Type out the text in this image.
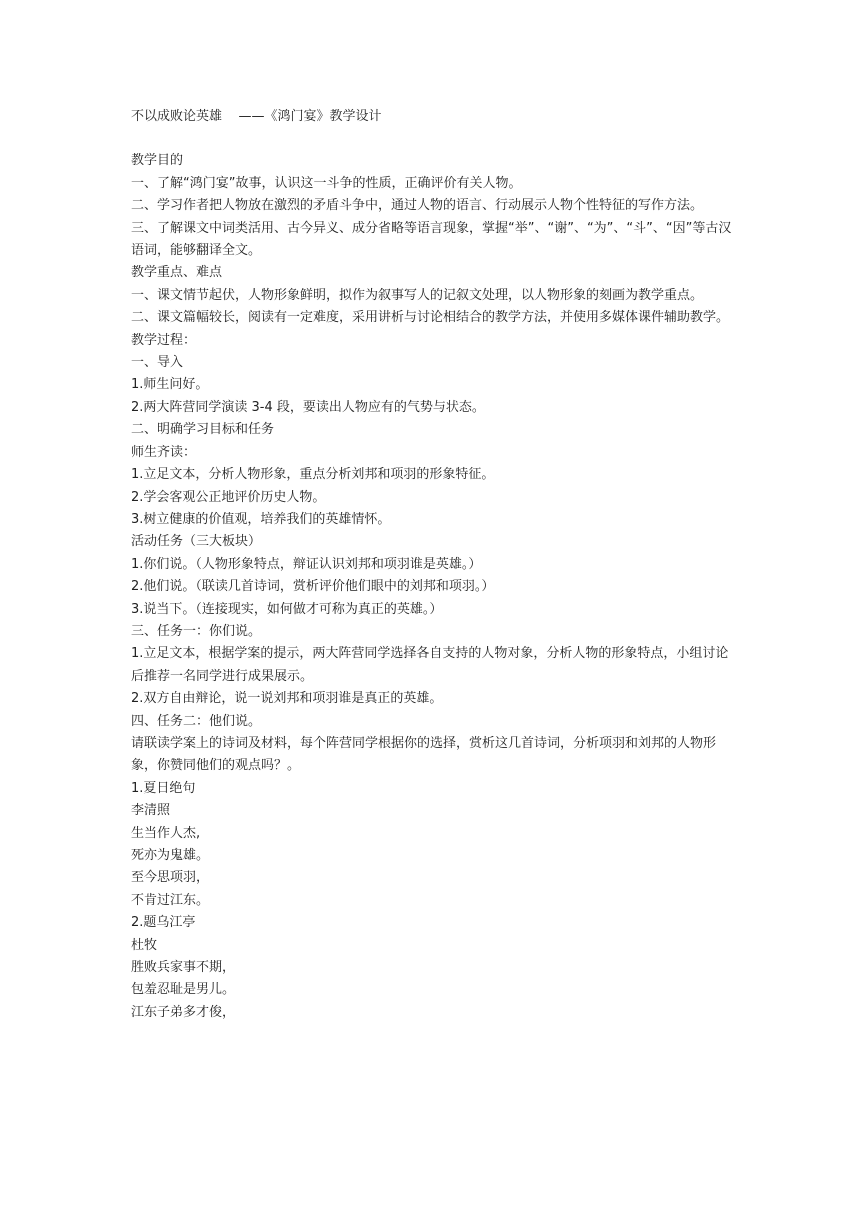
不以成败论英雄    ——《鸿门宴》教学设计

教学目的

一、了解“鸿门宴”故事，认识这一斗争的性质，正确评价有关人物。

二、学习作者把人物放在激烈的矛盾斗争中，通过人物的语言、行动展示人物个性特征的写作方法。

三、了解课文中词类活用、古今异义、成分省略等语言现象，掌握“举”、“谢”、“为”、“斗”、“因”等古汉语词，能够翻译全文。

教学重点、难点

一、课文情节起伏，人物形象鲜明，拟作为叙事写人的记叙文处理，以人物形象的刻画为教学重点。

二、课文篇幅较长，阅读有一定难度，采用讲析与讨论相结合的教学方法，并使用多媒体课件辅助教学。

教学过程：

一、导入

1.师生问好。

2.两大阵营同学演读 3-4 段，要读出人物应有的气势与状态。

二、明确学习目标和任务

师生齐读：

1.立足文本，分析人物形象，重点分析刘邦和项羽的形象特征。

2.学会客观公正地评价历史人物。

3.树立健康的价值观，培养我们的英雄情怀。

活动任务（三大板块）

1.你们说。（人物形象特点，辩证认识刘邦和项羽谁是英雄。）

2.他们说。（联读几首诗词，赏析评价他们眼中的刘邦和项羽。）

3.说当下。（连接现实，如何做才可称为真正的英雄。）

三、任务一：你们说。

1.立足文本，根据学案的提示，两大阵营同学选择各自支持的人物对象，分析人物的形象特点，小组讨论后推荐一名同学进行成果展示。

2.双方自由辩论，说一说刘邦和项羽谁是真正的英雄。

四、任务二：他们说。

请联读学案上的诗词及材料，每个阵营同学根据你的选择，赏析这几首诗词，分析项羽和刘邦的人物形象，你赞同他们的观点吗？。

1.夏日绝句

李清照

生当作人杰,

死亦为鬼雄。

至今思项羽，

不肯过江东。

2.题乌江亭

杜牧

胜败兵家事不期，

包羞忍耻是男儿。

江东子弟多才俊，
